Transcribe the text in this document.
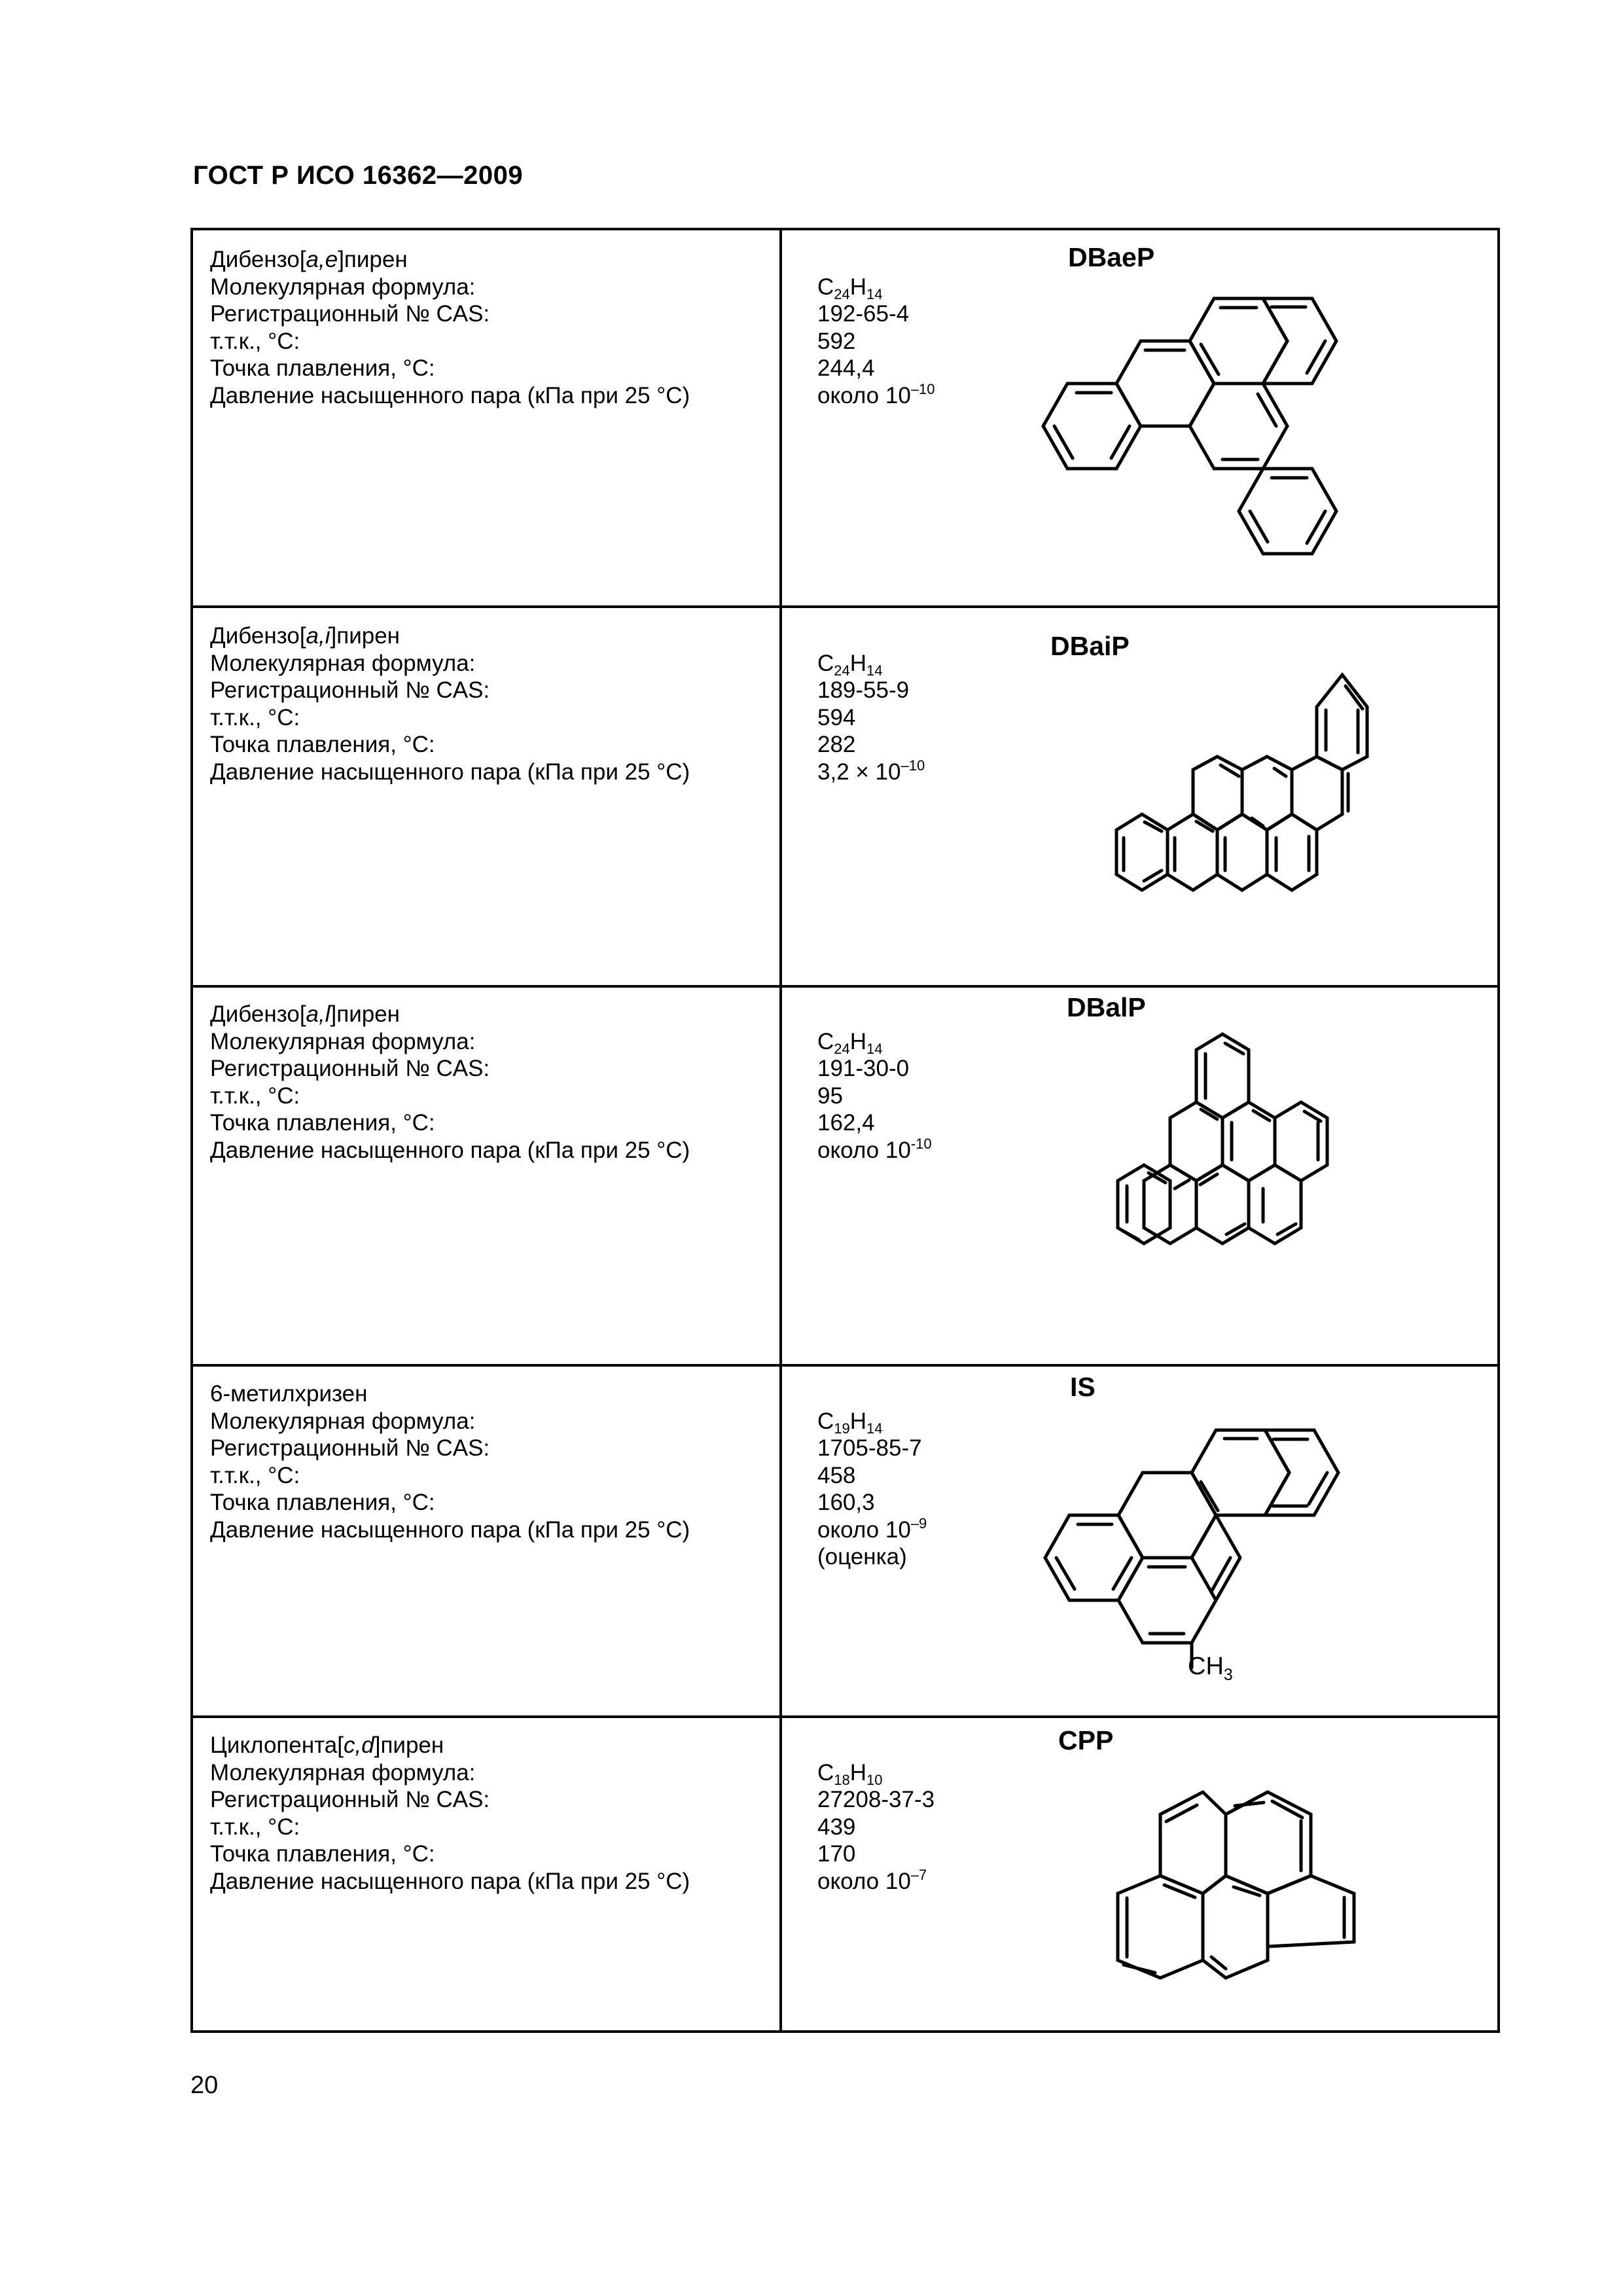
ГОСТ Р ИСО 16362—2009
Дибензо[a,e]пирен
Молекулярная формула:	$C_{24}H_{14}$
Регистрационный № CAS:	192-65-4
т.т.к., °С:	592
Точка плавления, °С:	244,4
Давление насыщенного пара (кПа при 25 °С)	около $10^{-10}$
DBaeP
Дибензо[a,i]пирен
Молекулярная формула:	$C_{24}H_{14}$
Регистрационный № CAS:	189-55-9
т.т.к., °С:	594
Точка плавления, °С:	282
Давление насыщенного пара (кПа при 25 °С)	$3,2 \times 10^{-10}$
DBaiP
Дибензо[a,l]пирен
Молекулярная формула:	$C_{24}H_{14}$
Регистрационный № CAS:	191-30-0
т.т.к., °С:	95
Точка плавления, °С:	162,4
Давление насыщенного пара (кПа при 25 °С)	около $10^{-10}$
DBalP
6-метилхризен
Молекулярная формула:	$C_{19}H_{14}$
Регистрационный № CAS:	1705-85-7
т.т.к., °С:	458
Точка плавления, °С:	160,3
Давление насыщенного пара (кПа при 25 °С)	около $10^{-9}$
(оценка)
IS
$CH_3$
Циклопента[c,d]пирен
Молекулярная формула:	$C_{18}H_{10}$
Регистрационный № CAS:	27208-37-3
т.т.к., °С:	439
Точка плавления, °С:	170
Давление насыщенного пара (кПа при 25 °С)	около $10^{-7}$
CPP
20
